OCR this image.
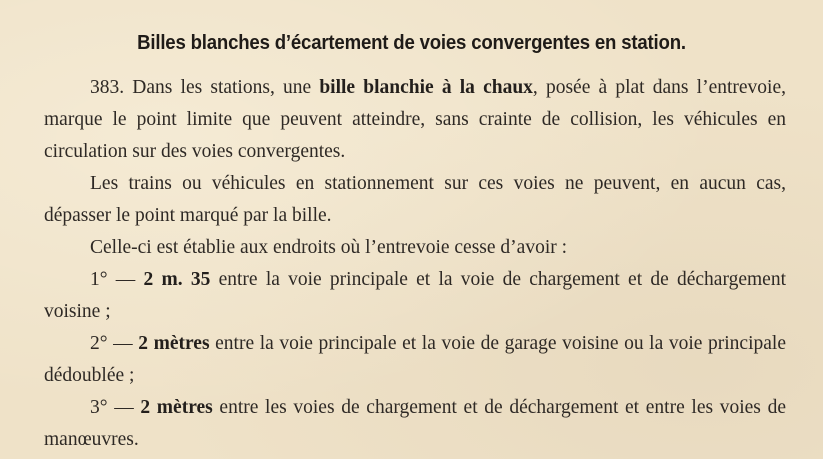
Billes blanches d’écartement de voies convergentes en station.

383. Dans les stations, une bille blanchie à la chaux, posée à plat dans l’entrevoie, marque le point limite que peuvent atteindre, sans crainte de collision, les véhicules en circulation sur des voies convergentes.

Les trains ou véhicules en stationnement sur ces voies ne peuvent, en aucun cas, dépasser le point marqué par la bille.

Celle-ci est établie aux endroits où l’entrevoie cesse d’avoir :

1° — 2 m. 35 entre la voie principale et la voie de chargement et de déchargement voisine ;

2° — 2 mètres entre la voie principale et la voie de garage voisine ou la voie principale dédoublée ;

3° — 2 mètres entre les voies de chargement et de déchargement et entre les voies de manœuvres.
